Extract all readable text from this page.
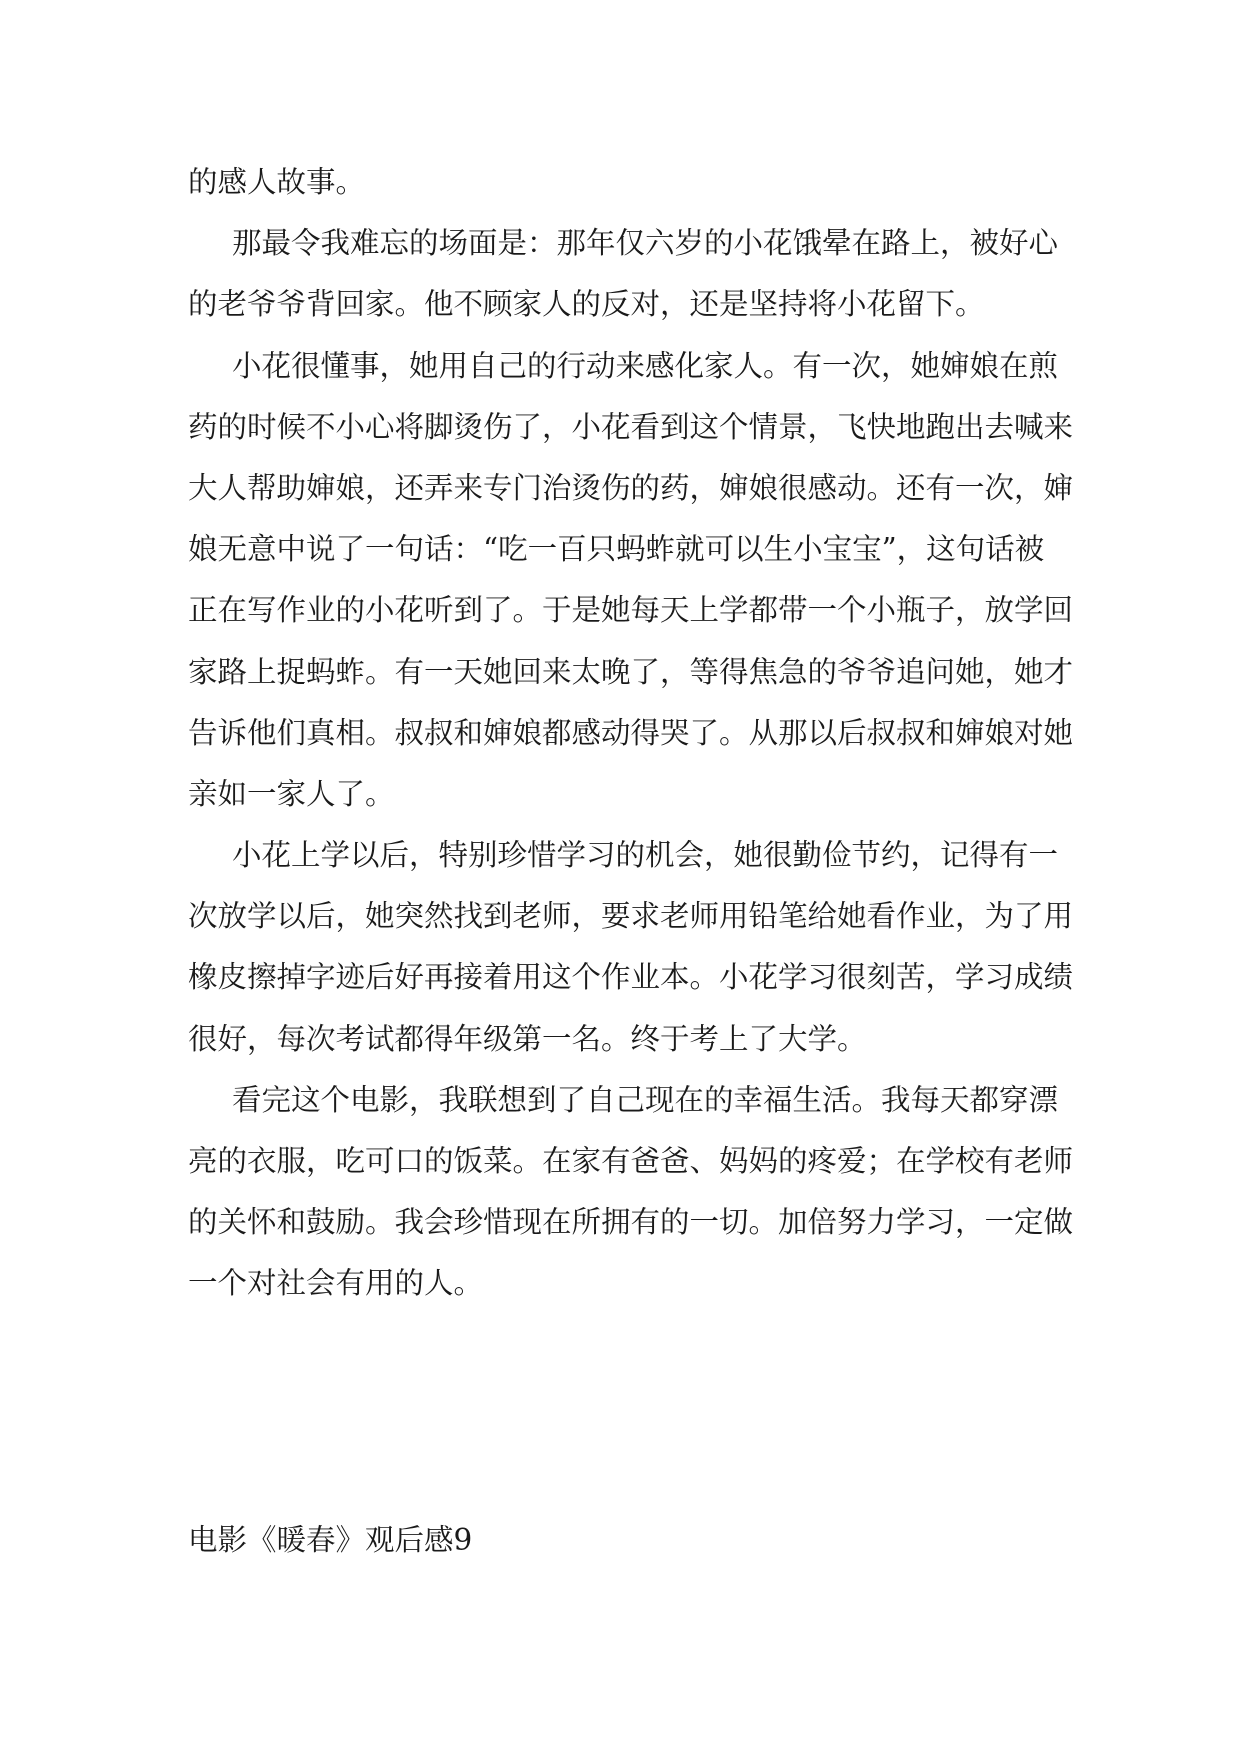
的感人故事。
那最令我难忘的场面是：那年仅六岁的小花饿晕在路上，被好心
的老爷爷背回家。他不顾家人的反对，还是坚持将小花留下。
小花很懂事，她用自己的行动来感化家人。有一次，她婶娘在煎
药的时候不小心将脚烫伤了，小花看到这个情景，飞快地跑出去喊来
大人帮助婶娘，还弄来专门治烫伤的药，婶娘很感动。还有一次，婶
娘无意中说了一句话：“吃一百只蚂蚱就可以生小宝宝”，这句话被
正在写作业的小花听到了。于是她每天上学都带一个小瓶子，放学回
家路上捉蚂蚱。有一天她回来太晚了，等得焦急的爷爷追问她，她才
告诉他们真相。叔叔和婶娘都感动得哭了。从那以后叔叔和婶娘对她
亲如一家人了。
小花上学以后，特别珍惜学习的机会，她很勤俭节约，记得有一
次放学以后，她突然找到老师，要求老师用铅笔给她看作业，为了用
橡皮擦掉字迹后好再接着用这个作业本。小花学习很刻苦，学习成绩
很好，每次考试都得年级第一名。终于考上了大学。
看完这个电影，我联想到了自己现在的幸福生活。我每天都穿漂
亮的衣服，吃可口的饭菜。在家有爸爸、妈妈的疼爱；在学校有老师
的关怀和鼓励。我会珍惜现在所拥有的一切。加倍努力学习，一定做
一个对社会有用的人。
电影《暖春》观后感9
